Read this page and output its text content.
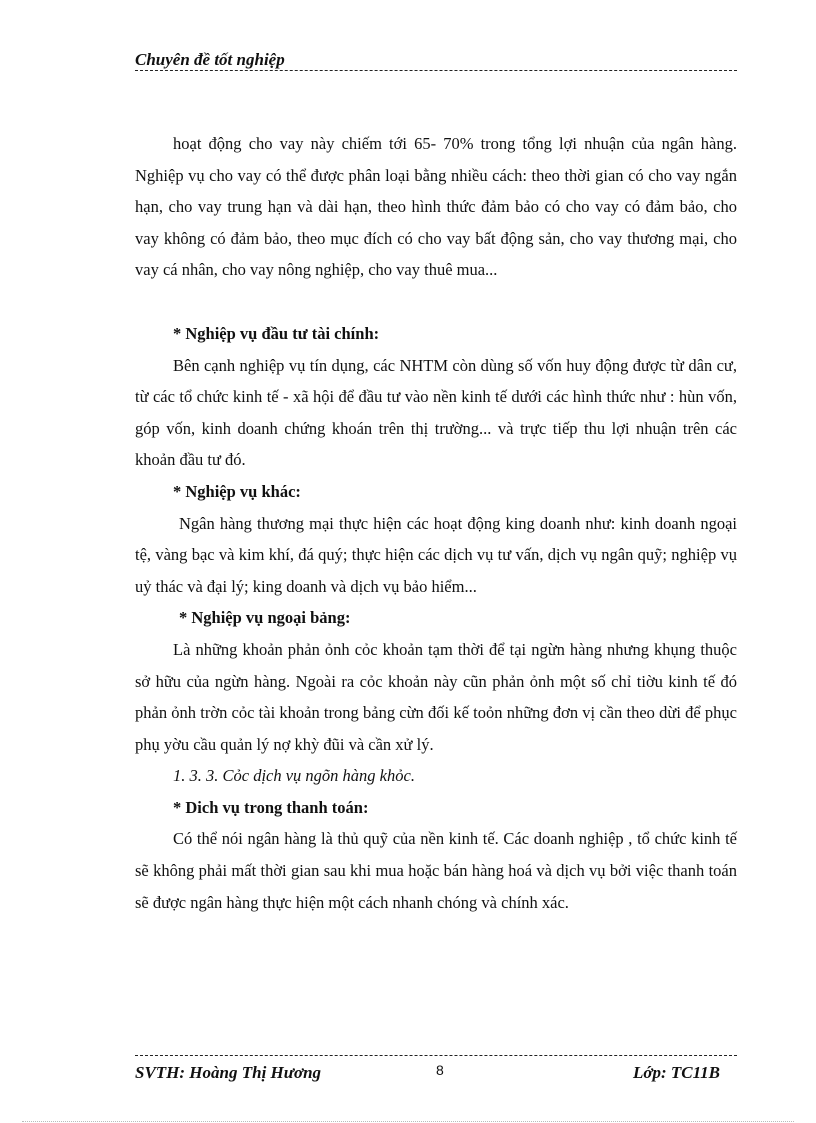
Chuyên đề tốt nghiệp

hoạt động cho vay này chiếm tới 65- 70% trong tổng lợi nhuận của ngân hàng. Nghiệp vụ cho vay có thể được phân loại bằng nhiều cách: theo thời gian có cho vay ngắn hạn, cho vay trung hạn và dài hạn, theo hình thức đảm bảo có cho vay có đảm bảo, cho vay không có đảm bảo, theo mục đích có cho vay bất động sản, cho vay thương mại, cho vay cá nhân, cho vay nông nghiệp, cho vay thuê mua...

* Nghiệp vụ đầu tư tài chính:

Bên cạnh nghiệp vụ tín dụng, các NHTM còn dùng số vốn huy động được từ dân cư, từ các tổ chức kinh tế - xã hội để đầu tư vào nền kinh tế dưới các hình thức như : hùn vốn, góp vốn, kinh doanh chứng khoán trên thị trường... và trực tiếp thu lợi nhuận trên các khoản đầu tư đó.

* Nghiệp vụ khác:

Ngân hàng thương mại thực hiện các hoạt động king doanh như: kinh doanh ngoại tệ, vàng bạc và kim khí, đá quý; thực hiện các dịch vụ tư vấn, dịch vụ ngân quỹ; nghiệp vụ uỷ thác và đại lý; king doanh và dịch vụ bảo hiểm...

* Nghiệp vụ ngoại bảng:

Là những khoản phản ỏnh cỏc khoản tạm thời để tại ngừn hàng nhưng khụng thuộc sở hữu của ngừn hàng. Ngoài ra cỏc khoản này cũn phản ỏnh một số chỉ tiờu kinh tế đó phản ỏnh trờn cỏc tài khoản trong bảng cừn đối kế toỏn những đơn vị cần theo dừi để phục phụ yờu cầu quản lý nợ khỳ đũi và cần xử lý.

1. 3. 3. Cỏc dịch vụ ngõn hàng khỏc.

* Dich vụ trong thanh toán:

Có thể nói ngân hàng là thủ quỹ của nền kinh tế. Các doanh nghiệp , tổ chức kinh tế sẽ không phải mất thời gian sau khi mua hoặc bán hàng hoá và dịch vụ bởi việc thanh toán sẽ được ngân hàng thực hiện một cách nhanh chóng và chính xác.

SVTH: Hoàng Thị Hương	8	Lớp: TC11B
